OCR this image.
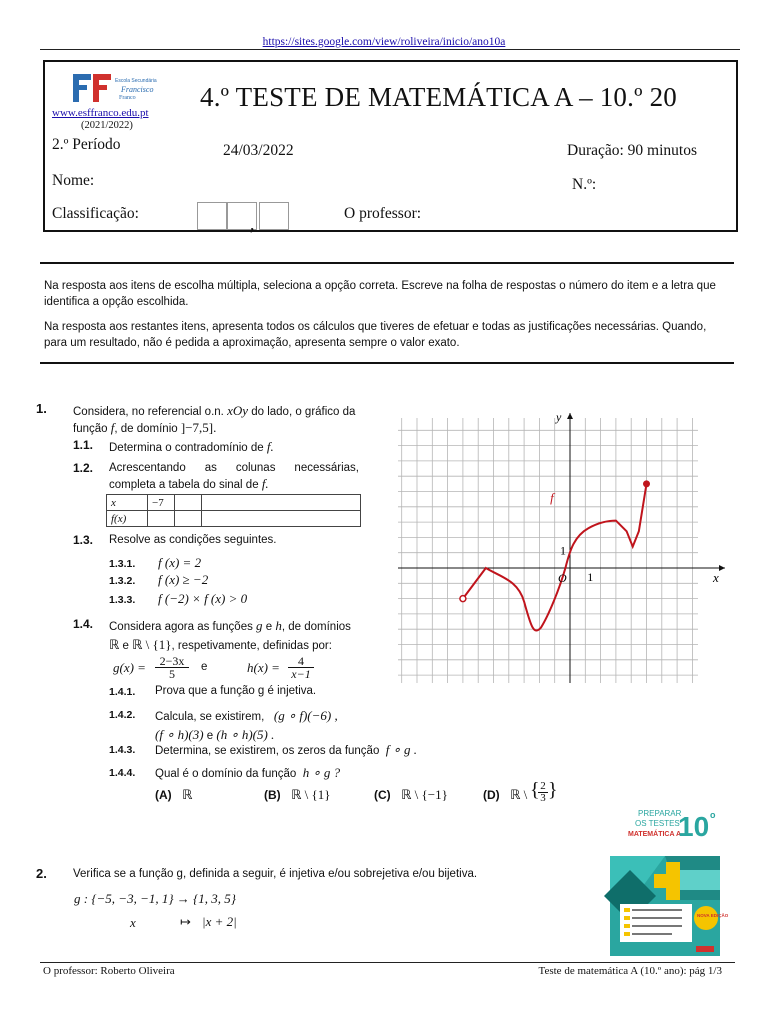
https://sites.google.com/view/roliveira/inicio/ano10a
Escola Secundária
Francisco
Franco
www.esffranco.edu.pt
(2021/2022)
4.º TESTE DE MATEMÁTICA A – 10.º 20
2.º Período	24/03/2022	Duração: 90 minutos
Nome:	N.º:
Classificação:
,
O professor:

Na resposta aos itens de escolha múltipla, seleciona a opção correta. Escreve na folha de respostas o número do item e a letra que identifica a opção escolhida.

Na resposta aos restantes itens, apresenta todos os cálculos que tiveres de efetuar e todas as justificações necessárias. Quando, para um resultado, não é pedida a aproximação, apresenta sempre o valor exato.

1. Considera, no referencial o.n. xOy do lado, o gráfico da
função f, de domínio ]−7,5].
1.1. Determina o contradomínio de f.
1.2. Acrescentando as colunas necessárias,
completa a tabela do sinal de f.
x	−7		
f(x)			
1.3. Resolve as condições seguintes.
1.3.1. f (x) = 2
1.3.2. f (x) ≥ −2
1.3.3. f (−2) × f (x) > 0
1.4. Considera agora as funções g e h, de domínios
ℝ e ℝ \ {1}, respetivamente, definidas por:
g(x) =	2−3x
5	e	h(x) =	4
x−1
1.4.1. Prova que a função g é injetiva.
1.4.2. Calcula, se existirem, (g ∘ f)(−6) ,
(f ∘ h)(3) e (h ∘ h)(5) .
1.4.3. Determina, se existirem, os zeros da função f ∘ g .
1.4.4. Qual é o domínio da função h ∘ g ?
(A) ℝ	(B) ℝ \ {1}	(C) ℝ \ {−1}	(D) ℝ \ { 2
3 }
y
x
O 1
1
f
2. Verifica se a função g, definida a seguir, é injetiva e/ou sobrejetiva e/ou bijetiva.
g : {−5, −3, −1, 1} → {1, 3, 5}
x	↦ |x + 2|
PREPARAR
OS TESTES
MATEMÁTICA A
10 o
NOVA EDIÇÃO
O professor: Roberto Oliveira	Teste de matemática A (10.º ano): pág 1/3
